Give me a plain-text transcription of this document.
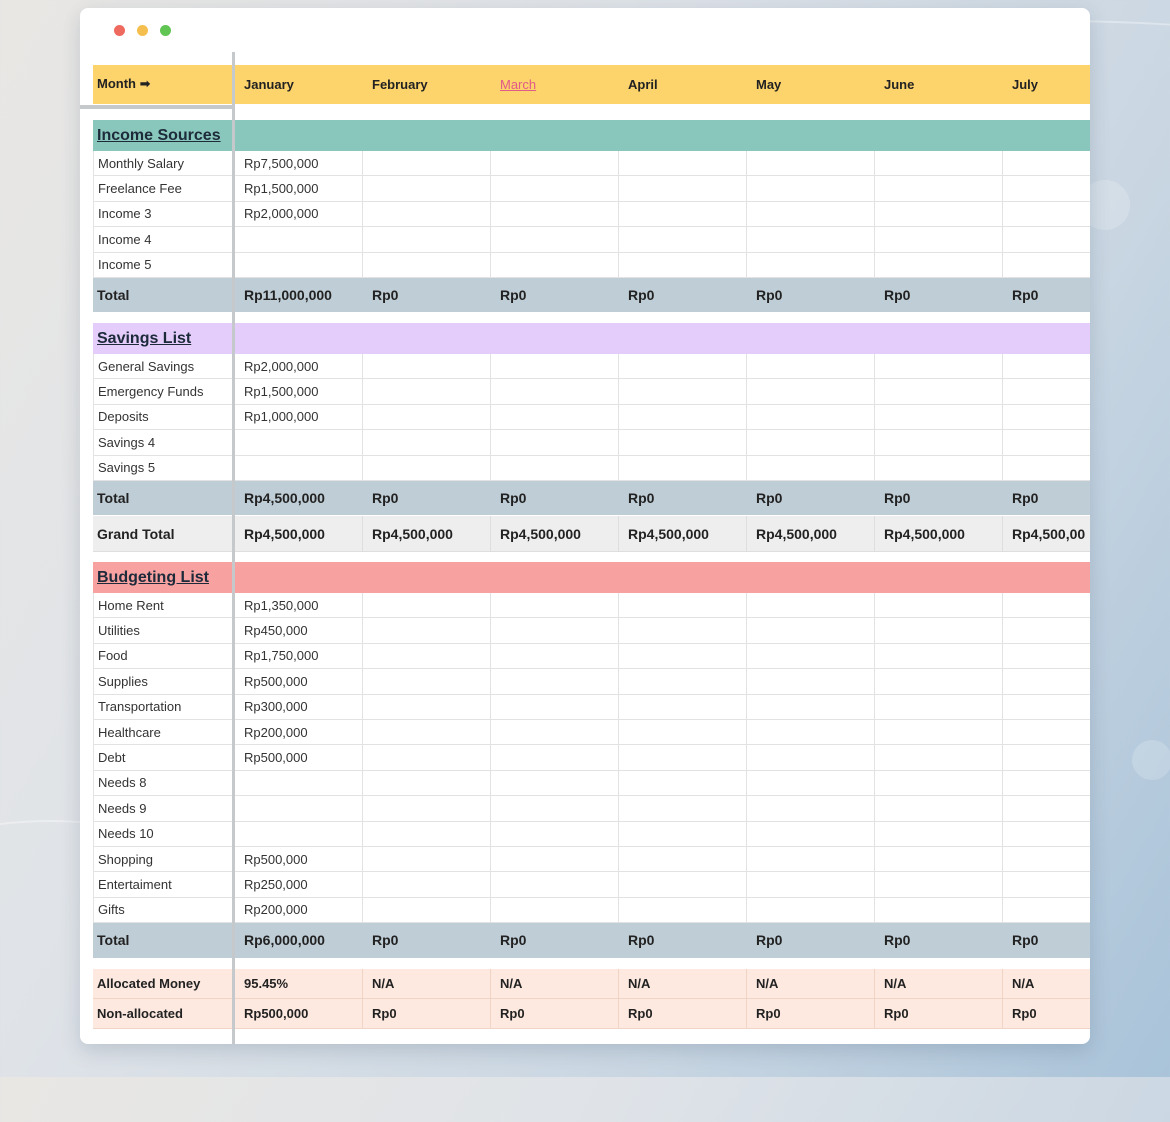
Month ➡	January	February	March	April	May	June	July
Income Sources
Monthly Salary	Rp7,500,000
Freelance Fee	Rp1,500,000
Income 3	Rp2,000,000
Income 4
Income 5
Total	Rp11,000,000	Rp0	Rp0	Rp0	Rp0	Rp0	Rp0
Savings List
General Savings	Rp2,000,000
Emergency Funds	Rp1,500,000
Deposits	Rp1,000,000
Savings 4
Savings 5
Total	Rp4,500,000	Rp0	Rp0	Rp0	Rp0	Rp0	Rp0
Grand Total	Rp4,500,000	Rp4,500,000	Rp4,500,000	Rp4,500,000	Rp4,500,000	Rp4,500,000	Rp4,500,00
Budgeting List
Home Rent	Rp1,350,000
Utilities	Rp450,000
Food	Rp1,750,000
Supplies	Rp500,000
Transportation	Rp300,000
Healthcare	Rp200,000
Debt	Rp500,000
Needs 8
Needs 9
Needs 10
Shopping	Rp500,000
Entertaiment	Rp250,000
Gifts	Rp200,000
Total	Rp6,000,000	Rp0	Rp0	Rp0	Rp0	Rp0	Rp0
Allocated Money	95.45%	N/A	N/A	N/A	N/A	N/A	N/A
Non-allocated	Rp500,000	Rp0	Rp0	Rp0	Rp0	Rp0	Rp0
